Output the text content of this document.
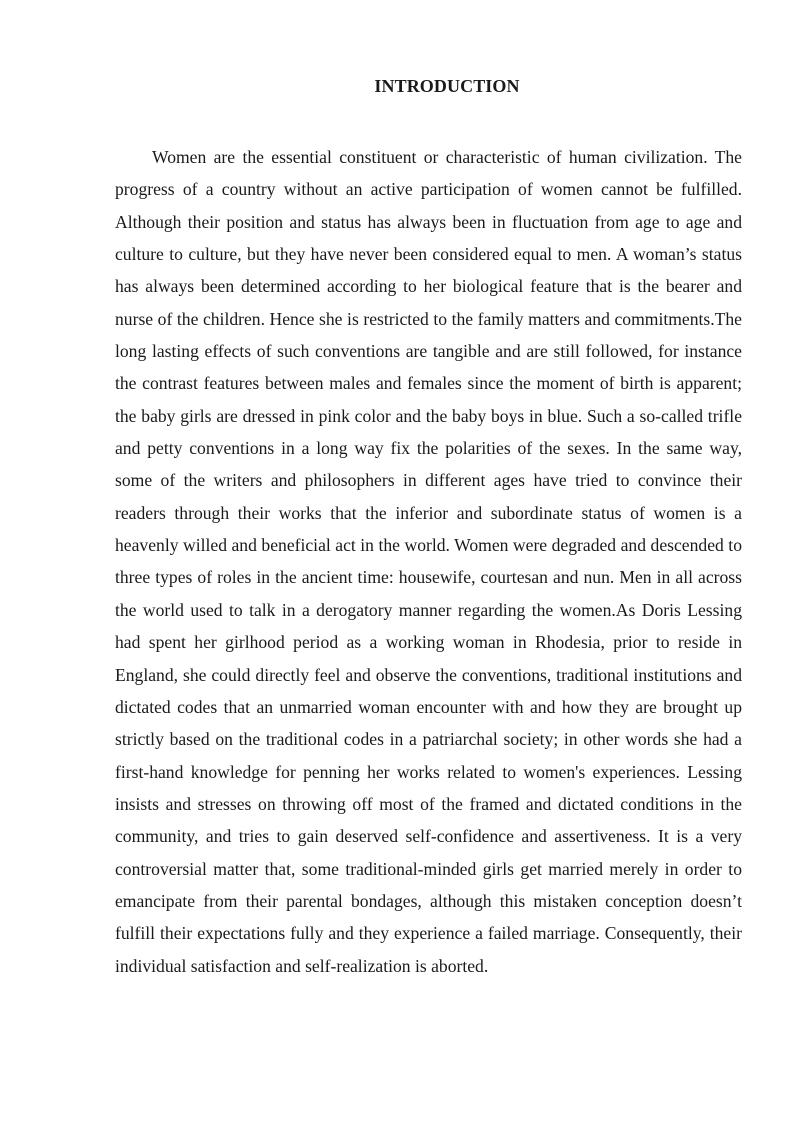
INTRODUCTION

Women are the essential constituent or characteristic of human civilization. The progress of a country without an active participation of women cannot be fulfilled. Although their position and status has always been in fluctuation from age to age and culture to culture, but they have never been considered equal to men. A woman’s status has always been determined according to her biological feature that is the bearer and nurse of the children. Hence she is restricted to the family matters and commitments.The long lasting effects of such conventions are tangible and are still followed, for instance the contrast features between males and females since the moment of birth is apparent; the baby girls are dressed in pink color and the baby boys in blue. Such a so-called trifle and petty conventions in a long way fix the polarities of the sexes. In the same way, some of the writers and philosophers in different ages have tried to convince their readers through their works that the inferior and subordinate status of women is a heavenly willed and beneficial act in the world. Women were degraded and descended to three types of roles in the ancient time: housewife, courtesan and nun. Men in all across the world used to talk in a derogatory manner regarding the women.As Doris Lessing had spent her girlhood period as a working woman in Rhodesia, prior to reside in England, she could directly feel and observe the conventions, traditional institutions and dictated codes that an unmarried woman encounter with and how they are brought up strictly based on the traditional codes in a patriarchal society; in other words she had a first-hand knowledge for penning her works related to women's experiences. Lessing insists and stresses on throwing off most of the framed and dictated conditions in the community, and tries to gain deserved self-confidence and assertiveness. It is a very controversial matter that, some traditional-minded girls get married merely in order to emancipate from their parental bondages, although this mistaken conception doesn’t fulfill their expectations fully and they experience a failed marriage. Consequently, their individual satisfaction and self-realization is aborted.
